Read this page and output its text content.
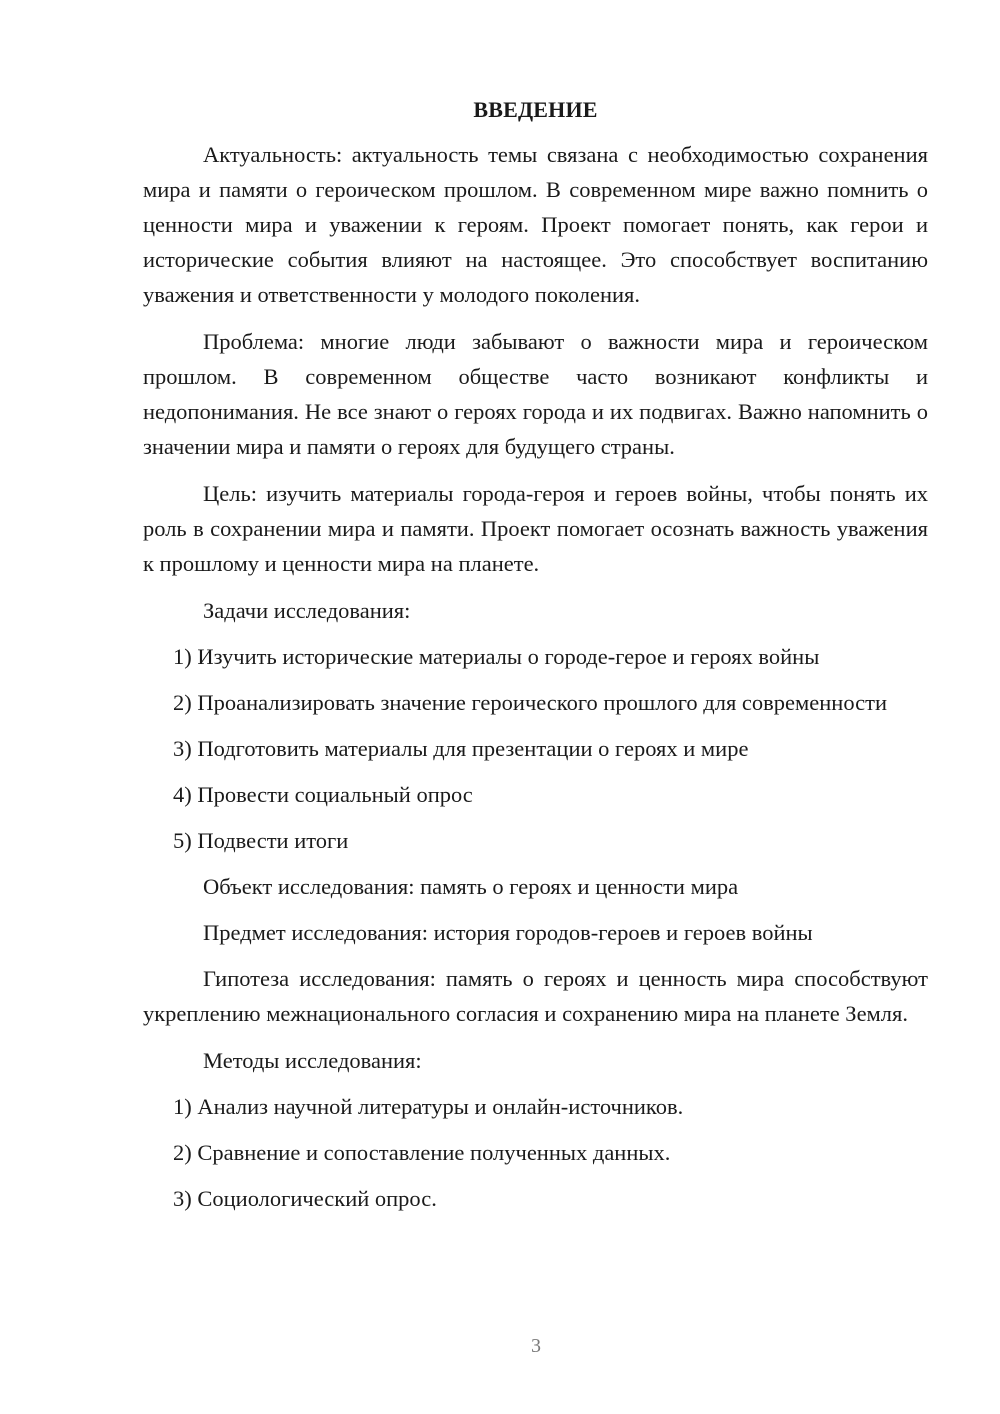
ВВЕДЕНИЕ

Актуальность: актуальность темы связана с необходимостью сохранения мира и памяти о героическом прошлом. В современном мире важно помнить о ценности мира и уважении к героям. Проект помогает понять, как герои и исторические события влияют на настоящее. Это способствует воспитанию уважения и ответственности у молодого поколения.

Проблема: многие люди забывают о важности мира и героическом прошлом. В современном обществе часто возникают конфликты и недопонимания. Не все знают о героях города и их подвигах. Важно напомнить о значении мира и памяти о героях для будущего страны.

Цель: изучить материалы города-героя и героев войны, чтобы понять их роль в сохранении мира и памяти. Проект помогает осознать важность уважения к прошлому и ценности мира на планете.

Задачи исследования:

1) Изучить исторические материалы о городе-герое и героях войны

2) Проанализировать значение героического прошлого для современности

3) Подготовить материалы для презентации о героях и мире

4) Провести социальный опрос

5) Подвести итоги

Объект исследования: память о героях и ценности мира

Предмет исследования: история городов-героев и героев войны

Гипотеза исследования: память о героях и ценность мира способствуют укреплению межнационального согласия и сохранению мира на планете Земля.

Методы исследования:

1) Анализ научной литературы и онлайн-источников.

2) Сравнение и сопоставление полученных данных.

3) Социологический опрос.

3
